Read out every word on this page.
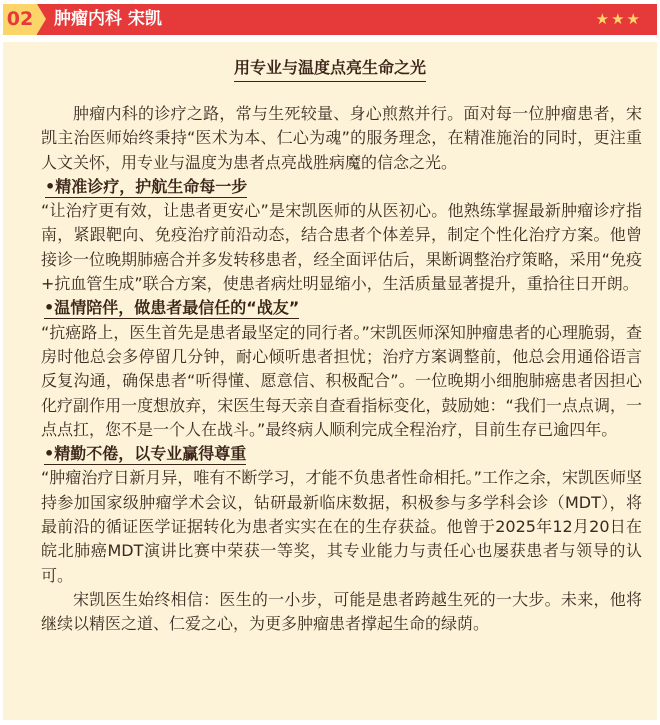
02 肿瘤内科 宋凯	★★★
用专业与温度点亮生命之光

肿瘤内科的诊疗之路，常与生死较量、身心煎熬并行。面对每一位肿瘤患者，宋凯主治医师始终秉持“医术为本、仁心为魂”的服务理念，在精准施治的同时，更注重人文关怀，用专业与温度为患者点亮战胜病魔的信念之光。

•精准诊疗，护航生命每一步

“让治疗更有效，让患者更安心”是宋凯医师的从医初心。他熟练掌握最新肿瘤诊疗指南，紧跟靶向、免疫治疗前沿动态，结合患者个体差异，制定个性化治疗方案。他曾接诊一位晚期肺癌合并多发转移患者，经全面评估后，果断调整治疗策略，采用“免疫+抗血管生成”联合方案，使患者病灶明显缩小，生活质量显著提升，重拾往日开朗。

•温情陪伴，做患者最信任的“战友”

“抗癌路上，医生首先是患者最坚定的同行者。”宋凯医师深知肿瘤患者的心理脆弱，查房时他总会多停留几分钟，耐心倾听患者担忧；治疗方案调整前，他总会用通俗语言反复沟通，确保患者“听得懂、愿意信、积极配合”。一位晚期小细胞肺癌患者因担心化疗副作用一度想放弃，宋医生每天亲自查看指标变化，鼓励她：“我们一点点调，一点点扛，您不是一个人在战斗。”最终病人顺利完成全程治疗，目前生存已逾四年。

•精勤不倦，以专业赢得尊重

“肿瘤治疗日新月异，唯有不断学习，才能不负患者性命相托。”工作之余，宋凯医师坚持参加国家级肿瘤学术会议，钻研最新临床数据，积极参与多学科会诊（MDT），将最前沿的循证医学证据转化为患者实实在在的生存获益。他曾于2025年12月20日在皖北肺癌MDT演讲比赛中荣获一等奖，其专业能力与责任心也屡获患者与领导的认可。

宋凯医生始终相信：医生的一小步，可能是患者跨越生死的一大步。未来，他将继续以精医之道、仁爱之心，为更多肿瘤患者撑起生命的绿荫。
